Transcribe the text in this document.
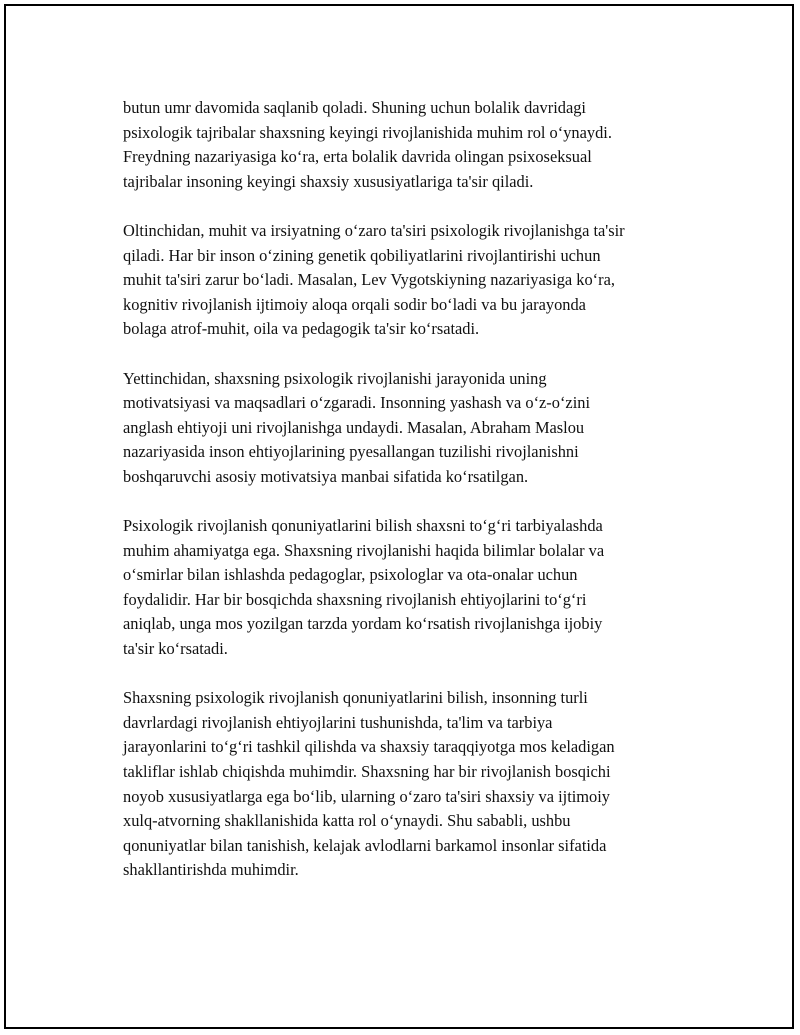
butun umr davomida saqlanib qoladi. Shuning uchun bolalik davridagi
psixologik tajribalar shaxsning keyingi rivojlanishida muhim rol oʻynaydi.
Freydning nazariyasiga koʻra, erta bolalik davrida olingan psixoseksual
tajribalar insoning keyingi shaxsiy xususiyatlariga ta'sir qiladi.

Oltinchidan, muhit va irsiyatning oʻzaro ta'siri psixologik rivojlanishga ta'sir
qiladi. Har bir inson oʻzining genetik qobiliyatlarini rivojlantirishi uchun
muhit ta'siri zarur boʻladi. Masalan, Lev Vygotskiyning nazariyasiga koʻra,
kognitiv rivojlanish ijtimoiy aloqa orqali sodir boʻladi va bu jarayonda
bolaga atrof-muhit, oila va pedagogik ta'sir koʻrsatadi.

Yettinchidan, shaxsning psixologik rivojlanishi jarayonida uning
motivatsiyasi va maqsadlari oʻzgaradi. Insonning yashash va oʻz-oʻzini
anglash ehtiyoji uni rivojlanishga undaydi. Masalan, Abraham Maslou
nazariyasida inson ehtiyojlarining pyesallangan tuzilishi rivojlanishni
boshqaruvchi asosiy motivatsiya manbai sifatida koʻrsatilgan.

Psixologik rivojlanish qonuniyatlarini bilish shaxsni toʻgʻri tarbiyalashda
muhim ahamiyatga ega. Shaxsning rivojlanishi haqida bilimlar bolalar va
oʻsmirlar bilan ishlashda pedagoglar, psixologlar va ota-onalar uchun
foydalidir. Har bir bosqichda shaxsning rivojlanish ehtiyojlarini toʻgʻri
aniqlab, unga mos yozilgan tarzda yordam koʻrsatish rivojlanishga ijobiy
ta'sir koʻrsatadi.

Shaxsning psixologik rivojlanish qonuniyatlarini bilish, insonning turli
davrlardagi rivojlanish ehtiyojlarini tushunishda, ta'lim va tarbiya
jarayonlarini toʻgʻri tashkil qilishda va shaxsiy taraqqiyotga mos keladigan
takliflar ishlab chiqishda muhimdir. Shaxsning har bir rivojlanish bosqichi
noyob xususiyatlarga ega boʻlib, ularning oʻzaro ta'siri shaxsiy va ijtimoiy
xulq-atvorning shakllanishida katta rol oʻynaydi. Shu sababli, ushbu
qonuniyatlar bilan tanishish, kelajak avlodlarni barkamol insonlar sifatida
shakllantirishda muhimdir.
